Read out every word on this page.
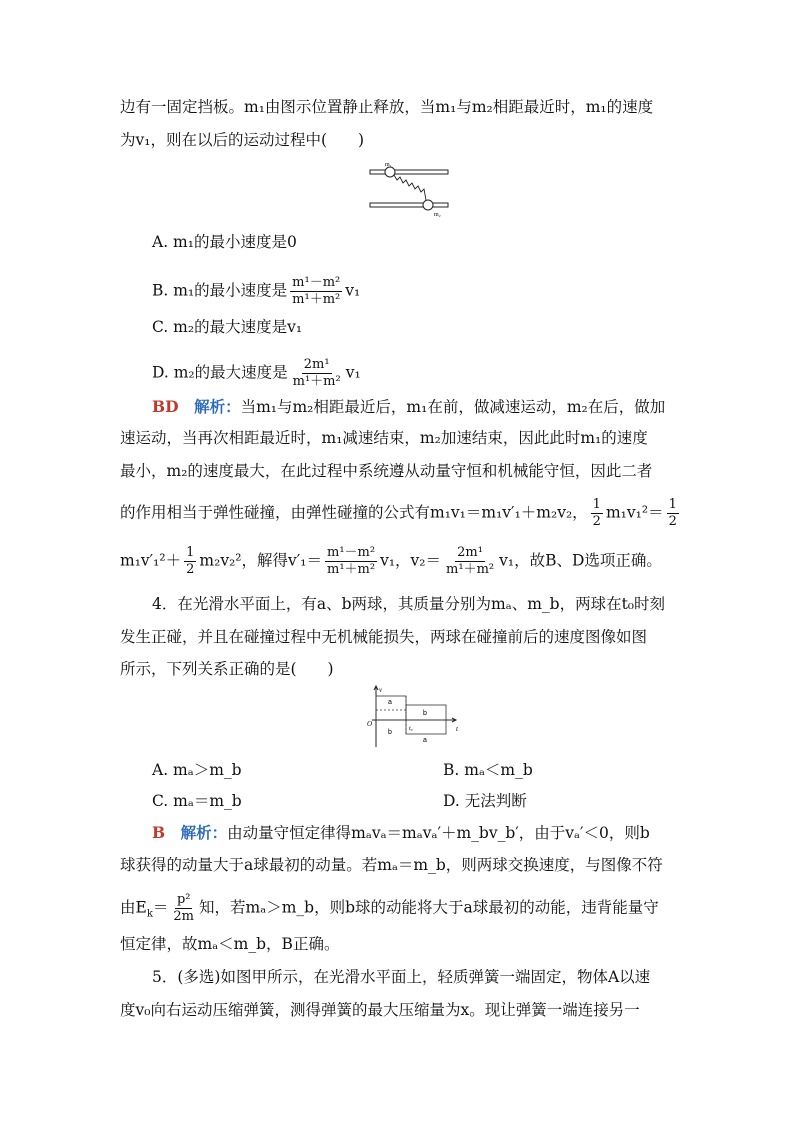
边有一固定挡板。m₁由图示位置静止释放，当m₁与m₂相距最近时，m₁的速度
为v₁，则在以后的运动过程中(　　)
m₁
m₂
A. m₁的最小速度是0
B. m₁的最小速度是 $\frac{\text{m¹－m²}}{\text{m¹＋m²}} v_1$
C. m₂的最大速度是v₁
D. m₂的最大速度是 $\frac{\text{2m¹}}{\text{m¹＋m²}} v_1$
BD　 解析：当m₁与m₂相距最近后，m₁在前，做减速运动，m₂在后，做加
速运动，当再次相距最近时，m₁减速结束，m₂加速结束，因此此时m₁的速度
最小，m₂的速度最大，在此过程中系统遵从动量守恒和机械能守恒，因此二者
的作用相当于弹性碰撞，由弹性碰撞的公式有m₁v₁＝m₁v′₁＋m₂v₂， $\frac{1}{2} m_1v_1^2= \frac{1}{2}$
$m_1v'_1^2+ \frac{1}{2} m_2v_2^2$，解得$v'_1= \frac{\text{m¹－m²}}{\text{m¹＋m²}} v_1$，$v_2= \frac{\text{2m¹}}{\text{m¹＋m²}} v_1$，故B、D选项正确。
4．在光滑水平面上，有a、b两球，其质量分别为mₐ、m_b，两球在t₀时刻
发生正碰，并且在碰撞过程中无机械能损失，两球在碰撞前后的速度图像如图
所示，下列关系正确的是(　　)
v
t
O
a
b
b
a
t₀
A. mₐ＞m_b	B. mₐ＜m_b
C. mₐ＝m_b	D. 无法判断
B　 解析：由动量守恒定律得mₐvₐ＝mₐvₐ′＋m_bv_b′，由于vₐ′＜0，则b
球获得的动量大于a球最初的动量。若mₐ＝m_b，则两球交换速度，与图像不符
由$E_k= \frac{\text{p²}}{2m}$ 知，若mₐ＞m_b，则b球的动能将大于a球最初的动能，违背能量守
恒定律，故mₐ＜m_b，B正确。
5．(多选)如图甲所示，在光滑水平面上，轻质弹簧一端固定，物体A以速
度v₀向右运动压缩弹簧，测得弹簧的最大压缩量为x。现让弹簧一端连接另一
